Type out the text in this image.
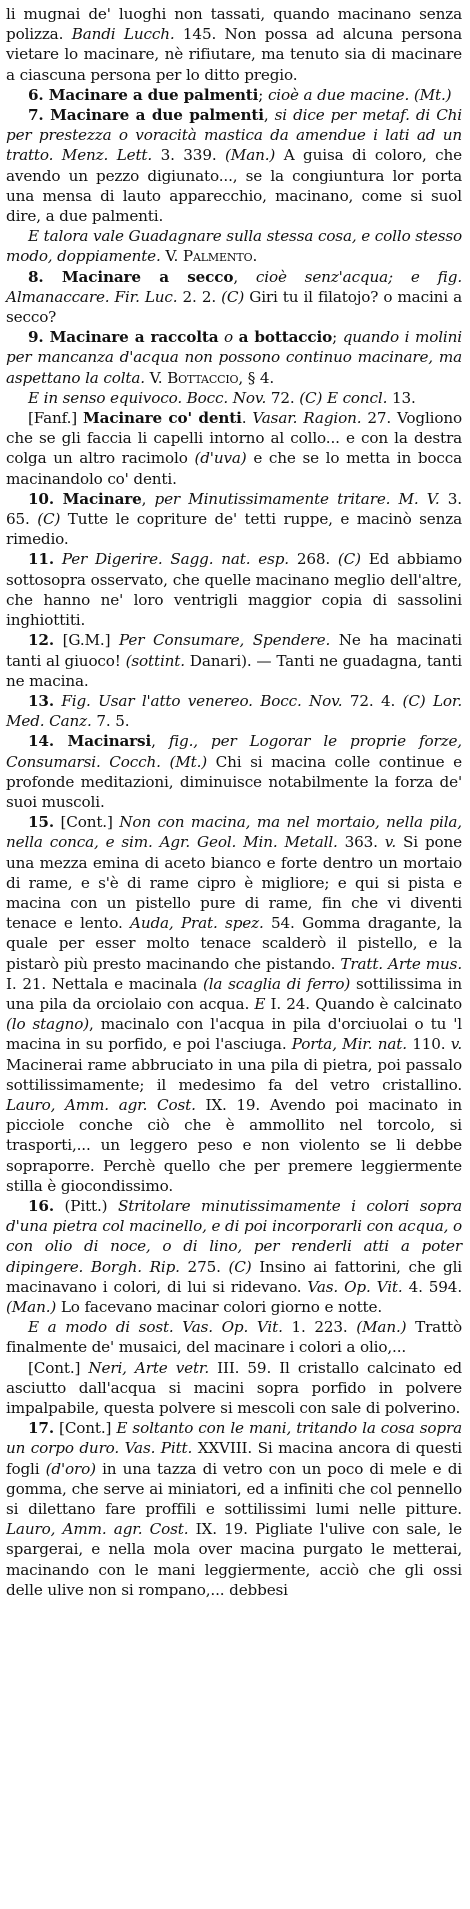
li mugnai de' luoghi non tassati, quando macinano senza polizza. Bandi Lucch. 145. Non possa ad alcuna persona vietare lo macinare, nè rifiutare, ma tenuto sia di macinare a ciascuna persona per lo ditto pregio.

6. Macinare a due palmenti; cioè a due macine. (Mt.)

7. Macinare a due palmenti, si dice per metaf. di Chi per prestezza o voracità mastica da amendue i lati ad un tratto. Menz. Lett. 3. 339. (Man.) A guisa di coloro, che avendo un pezzo digiunato..., se la congiuntura lor porta una mensa di lauto apparecchio, macinano, come si suol dire, a due palmenti.

E talora vale Guadagnare sulla stessa cosa, e collo stesso modo, doppiamente. V. Palmento.

8. Macinare a secco, cioè senz'acqua; e fig. Almanaccare. Fir. Luc. 2. 2. (C) Giri tu il filatojo? o macini a secco?

9. Macinare a raccolta o a bottaccio; quando i molini per mancanza d'acqua non possono continuo macinare, ma aspettano la colta. V. Bottaccio, § 4.

E in senso equivoco. Bocc. Nov. 72. (C) E concl. 13.

[Fanf.] Macinare co' denti. Vasar. Ragion. 27. Vogliono che se gli faccia li capelli intorno al collo... e con la destra colga un altro racimolo (d'uva) e che se lo metta in bocca macinandolo co' denti.

10. Macinare, per Minutissimamente tritare. M. V. 3. 65. (C) Tutte le copriture de' tetti ruppe, e macinò senza rimedio.

11. Per Digerire. Sagg. nat. esp. 268. (C) Ed abbiamo sottosopra osservato, che quelle macinano meglio dell'altre, che hanno ne' loro ventrigli maggior copia di sassolini inghiottiti.

12. [G.M.] Per Consumare, Spendere. Ne ha macinati tanti al giuoco! (sottint. Danari). — Tanti ne guadagna, tanti ne macina.

13. Fig. Usar l'atto venereo. Bocc. Nov. 72. 4. (C) Lor. Med. Canz. 7. 5.

14. Macinarsi, fig., per Logorar le proprie forze, Consumarsi. Cocch. (Mt.) Chi si macina colle continue e profonde meditazioni, diminuisce notabilmente la forza de' suoi muscoli.

15. [Cont.] Non con macina, ma nel mortaio, nella pila, nella conca, e sim. Agr. Geol. Min. Metall. 363. v. Si pone una mezza emina di aceto bianco e forte dentro un mortaio di rame, e s'è di rame cipro è migliore; e qui si pista e macina con un pistello pure di rame, fin che vi diventi tenace e lento. Auda, Prat. spez. 54. Gomma dragante, la quale per esser molto tenace scalderò il pistello, e la pistarò più presto macinando che pistando. Tratt. Arte mus. I. 21. Nettala e macinala (la scaglia di ferro) sottilissima in una pila da orciolaio con acqua. E I. 24. Quando è calcinato (lo stagno), macinalo con l'acqua in pila d'orciuolai o tu 'l macina in su porfido, e poi l'asciuga. Porta, Mir. nat. 110. v. Macinerai rame abbruciato in una pila di pietra, poi passalo sottilissimamente; il medesimo fa del vetro cristallino. Lauro, Amm. agr. Cost. IX. 19. Avendo poi macinato in picciole conche ciò che è ammollito nel torcolo, si trasporti,... un leggero peso e non violento se li debbe sopraporre. Perchè quello che per premere leggiermente stilla è giocondissimo.

16. (Pitt.) Stritolare minutissimamente i colori sopra d'una pietra col macinello, e di poi incorporarli con acqua, o con olio di noce, o di lino, per renderli atti a poter dipingere. Borgh. Rip. 275. (C) Insino ai fattorini, che gli macinavano i colori, di lui si ridevano. Vas. Op. Vit. 4. 594. (Man.) Lo facevano macinar colori giorno e notte.

E a modo di sost. Vas. Op. Vit. 1. 223. (Man.) Trattò finalmente de' musaici, del macinare i colori a olio,...

[Cont.] Neri, Arte vetr. III. 59. Il cristallo calcinato ed asciutto dall'acqua si macini sopra porfido in polvere impalpabile, questa polvere si mescoli con sale di polverino.

17. [Cont.] E soltanto con le mani, tritando la cosa sopra un corpo duro. Vas. Pitt. XXVIII. Si macina ancora di questi fogli (d'oro) in una tazza di vetro con un poco di mele e di gomma, che serve ai miniatori, ed a infiniti che col pennello si dilettano fare proffili e sottilissimi lumi nelle pitture. Lauro, Amm. agr. Cost. IX. 19. Pigliate l'ulive con sale, le spargerai, e nella mola over macina purgato le metterai, macinando con le mani leggiermente, acciò che gli ossi delle ulive non si rompano,... debbesi
